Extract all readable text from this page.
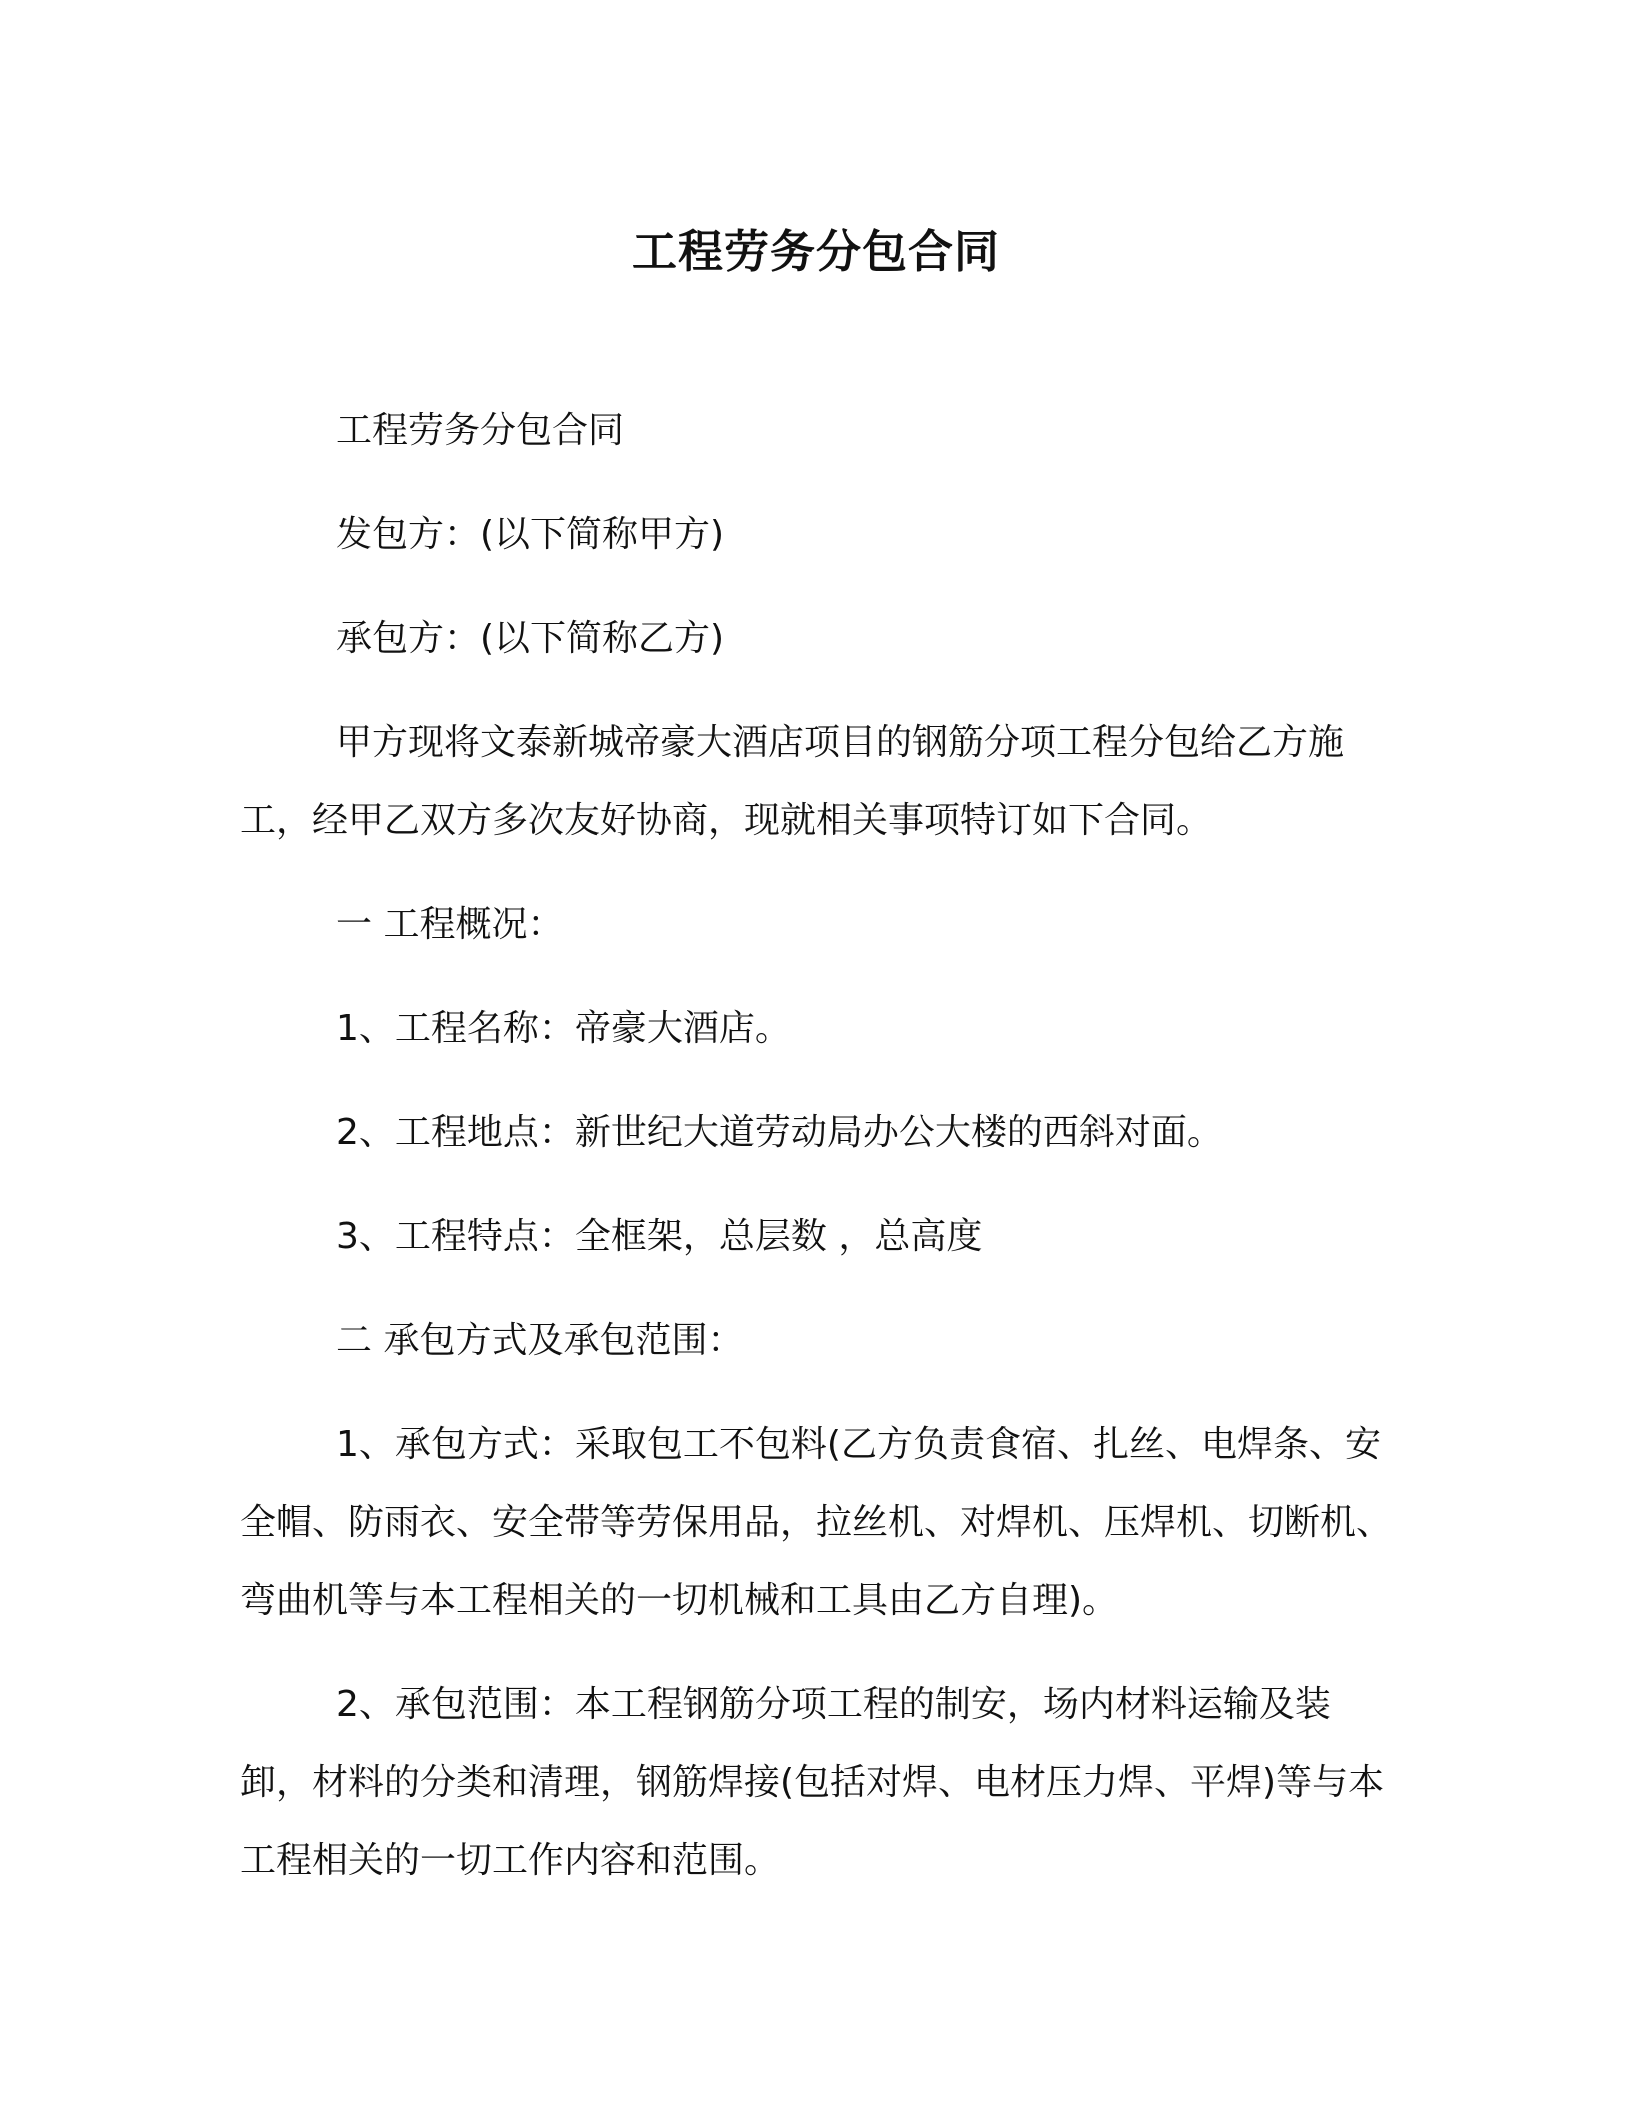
工程劳务分包合同

工程劳务分包合同

发包方：(以下简称甲方)

承包方：(以下简称乙方)

甲方现将文泰新城帝豪大酒店项目的钢筋分项工程分包给乙方施工，经甲乙双方多次友好协商，现就相关事项特订如下合同。

一 工程概况：

1、工程名称：帝豪大酒店。

2、工程地点：新世纪大道劳动局办公大楼的西斜对面。

3、工程特点：全框架，总层数 ，总高度

二 承包方式及承包范围：

1、承包方式：采取包工不包料(乙方负责食宿、扎丝、电焊条、安全帽、防雨衣、安全带等劳保用品，拉丝机、对焊机、压焊机、切断机、弯曲机等与本工程相关的一切机械和工具由乙方自理)。

2、承包范围：本工程钢筋分项工程的制安，场内材料运输及装卸，材料的分类和清理，钢筋焊接(包括对焊、电材压力焊、平焊)等与本工程相关的一切工作内容和范围。
